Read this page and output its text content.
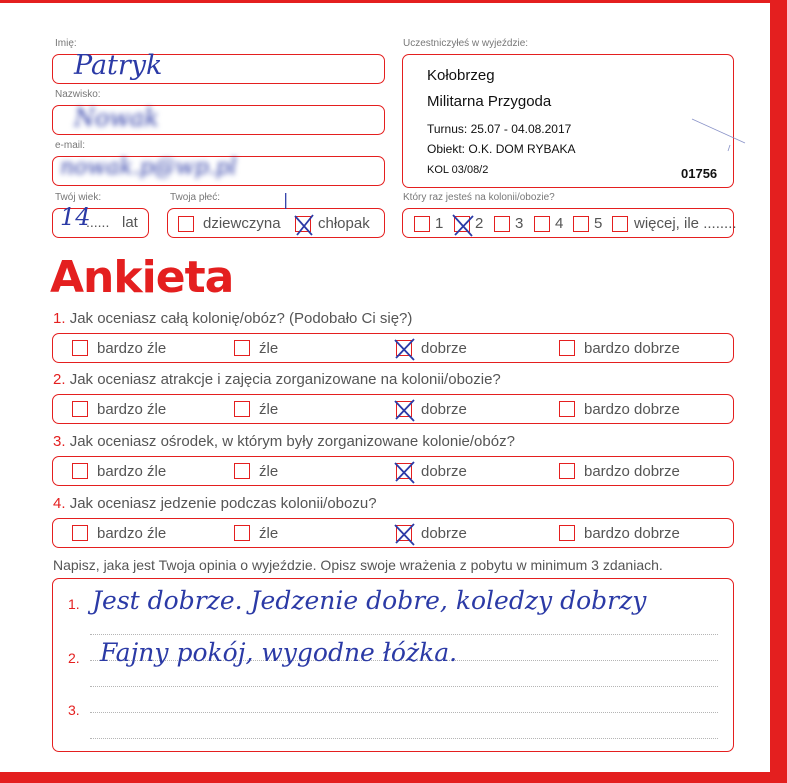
Imię:
Patryk
Nazwisko:
Nowak
e-mail:
nowak.p@wp.pl
Twój wiek:
14
...... lat
Twoja płeć:
dziewczyna
|
chłopak
Uczestniczyłeś w wyjeździe:
Kołobrzeg
Militarna Przygoda
Turnus: 25.07 - 04.08.2017
Obiekt: O.K. DOM RYBAKA
KOL 03/08/2	01756
Który raz jesteś na kolonii/obozie?
1 2 3 4 5 więcej, ile ........
Ankieta
1. Jak oceniasz całą kolonię/obóz? (Podobało Ci się?)
bardzo źle	źle	dobrze	bardzo dobrze
2. Jak oceniasz atrakcje i zajęcia zorganizowane na kolonii/obozie?
bardzo źle	źle	dobrze	bardzo dobrze
3. Jak oceniasz ośrodek, w którym były zorganizowane kolonie/obóz?
bardzo źle	źle	dobrze	bardzo dobrze
4. Jak oceniasz jedzenie podczas kolonii/obozu?
bardzo źle	źle	dobrze	bardzo dobrze
Napisz, jaka jest Twoja opinia o wyjeździe. Opisz swoje wrażenia z pobytu w minimum 3 zdaniach.
1. Jest dobrze. Jedzenie dobre, koledzy dobrzy
2. Fajny pokój, wygodne łóżka.
3.
